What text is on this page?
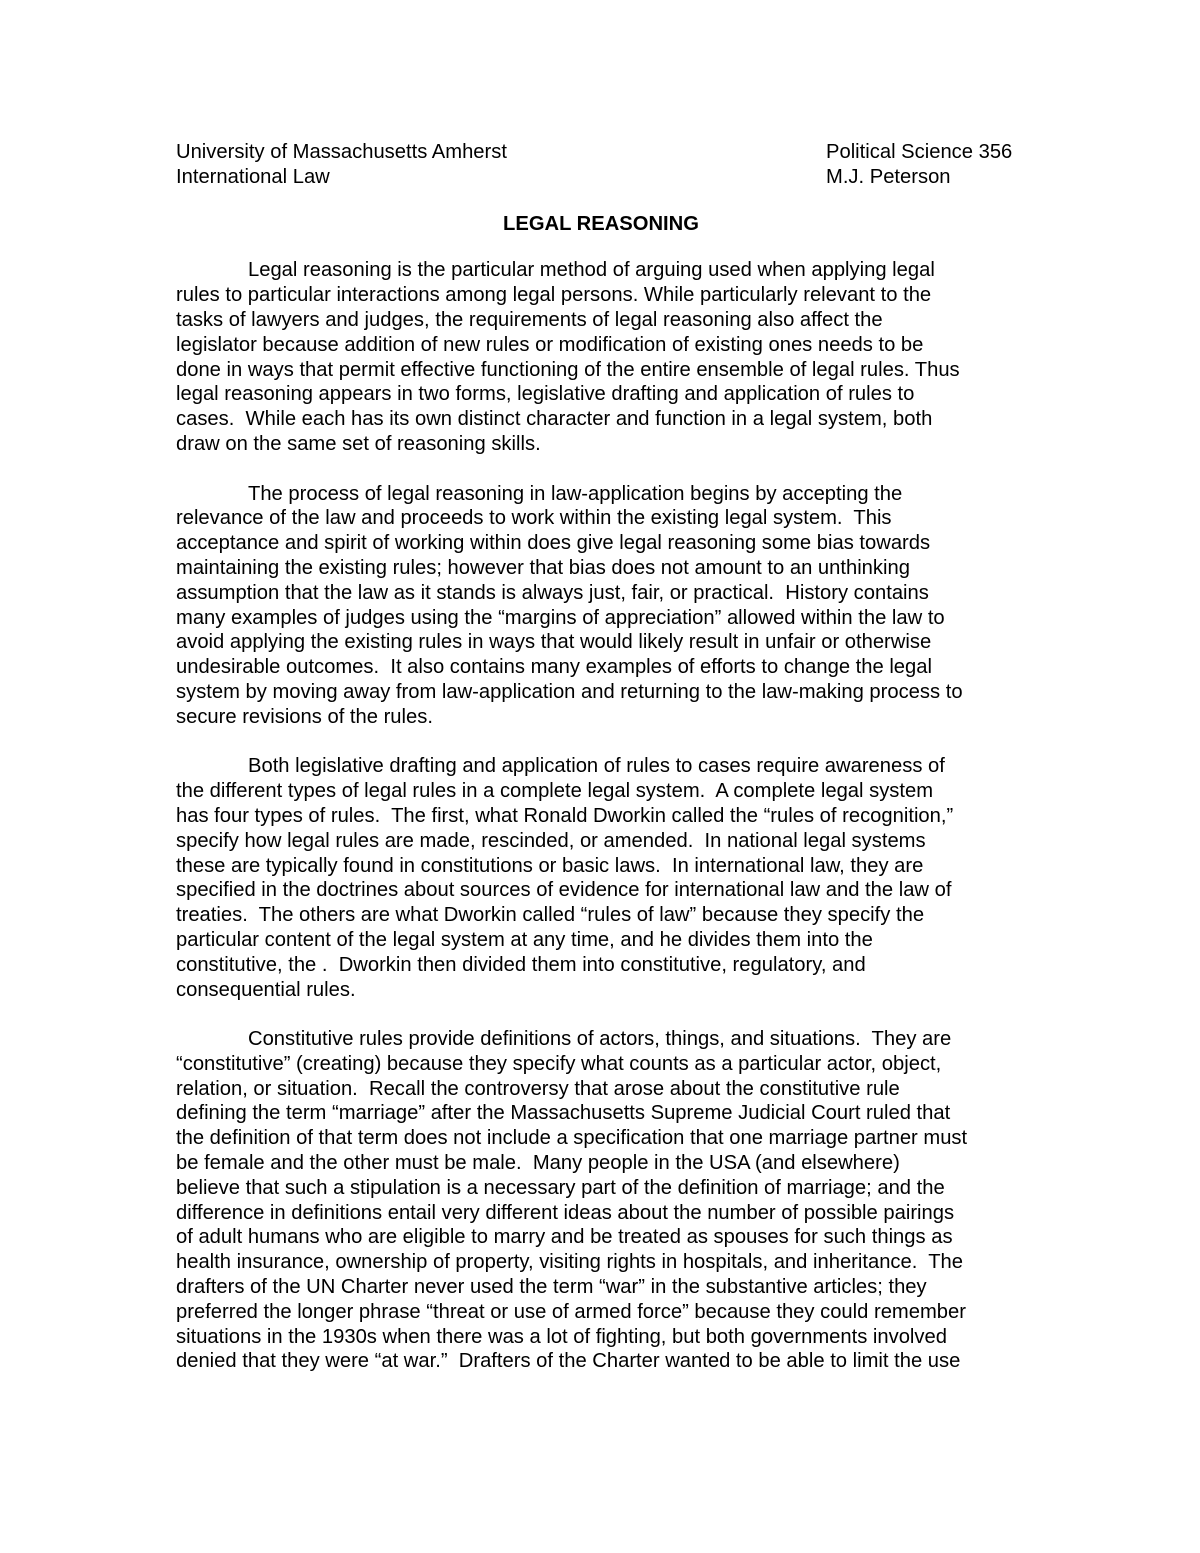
University of Massachusetts Amherst
International Law
Political Science 356
M.J. Peterson
LEGAL REASONING
Legal reasoning is the particular method of arguing used when applying legal
rules to particular interactions among legal persons. While particularly relevant to the
tasks of lawyers and judges, the requirements of legal reasoning also affect the
legislator because addition of new rules or modification of existing ones needs to be
done in ways that permit effective functioning of the entire ensemble of legal rules. Thus
legal reasoning appears in two forms, legislative drafting and application of rules to
cases.  While each has its own distinct character and function in a legal system, both
draw on the same set of reasoning skills.
The process of legal reasoning in law-application begins by accepting the
relevance of the law and proceeds to work within the existing legal system.  This
acceptance and spirit of working within does give legal reasoning some bias towards
maintaining the existing rules; however that bias does not amount to an unthinking
assumption that the law as it stands is always just, fair, or practical.  History contains
many examples of judges using the “margins of appreciation” allowed within the law to
avoid applying the existing rules in ways that would likely result in unfair or otherwise
undesirable outcomes.  It also contains many examples of efforts to change the legal
system by moving away from law-application and returning to the law-making process to
secure revisions of the rules.
Both legislative drafting and application of rules to cases require awareness of
the different types of legal rules in a complete legal system.  A complete legal system
has four types of rules.  The first, what Ronald Dworkin called the “rules of recognition,”
specify how legal rules are made, rescinded, or amended.  In national legal systems
these are typically found in constitutions or basic laws.  In international law, they are
specified in the doctrines about sources of evidence for international law and the law of
treaties.  The others are what Dworkin called “rules of law” because they specify the
particular content of the legal system at any time, and he divides them into the
constitutive, the .  Dworkin then divided them into constitutive, regulatory, and
consequential rules.
Constitutive rules provide definitions of actors, things, and situations.  They are
“constitutive” (creating) because they specify what counts as a particular actor, object,
relation, or situation.  Recall the controversy that arose about the constitutive rule
defining the term “marriage” after the Massachusetts Supreme Judicial Court ruled that
the definition of that term does not include a specification that one marriage partner must
be female and the other must be male.  Many people in the USA (and elsewhere)
believe that such a stipulation is a necessary part of the definition of marriage; and the
difference in definitions entail very different ideas about the number of possible pairings
of adult humans who are eligible to marry and be treated as spouses for such things as
health insurance, ownership of property, visiting rights in hospitals, and inheritance.  The
drafters of the UN Charter never used the term “war” in the substantive articles; they
preferred the longer phrase “threat or use of armed force” because they could remember
situations in the 1930s when there was a lot of fighting, but both governments involved
denied that they were “at war.”  Drafters of the Charter wanted to be able to limit the use
